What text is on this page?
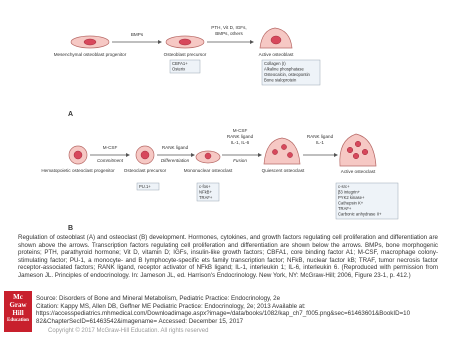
Mesenchymal osteoblast progenitor
BMPs
Osteoblast precursor
CBFA1+
Osterix
PTH, Vit D, IGFs,
BMPs, others
Active osteoblast
Collagen (I)
Alkaline phosphatase
Osteocalcin, osteopontin
Bone sialoprotein
A
Hematopoietic osteoclast progenitor
M-CSF
Commitment
Osteoclast precursor
PU.1+
RANK ligand
Differentiation
Mononuclear osteoclast
c-fos+
NFkB+
TRAF+
M-CSF
RANK ligand
IL-1, IL-6
Fusion
Quiescent osteoclast
RANK ligand
IL-1
Active osteoclast
c-src+
β3 integrin+
PYK2 kinase+
Cathepsin K+
TRAF+
Carbonic anhydrase II+
B
Regulation of osteoblast (A) and osteoclast (B) development. Hormones, cytokines, and growth factors regulating cell proliferation and differentiation are shown above the arrows. Transcription factors regulating cell proliferation and differentiation are shown below the arrows. BMPs, bone morphogenic proteins; PTH, parathyroid hormone; Vit D, vitamin D; IGFs, insulin-like growth factors; CBFA1, core binding factor A1; M-CSF, macrophage colony-stimulating factor; PU-1, a monocyte- and B lymphocyte-specific ets family transcription factor; NFkB, nuclear factor kB; TRAF, tumor necrosis factor receptor-associated factors; RANK ligand, receptor activator of NFkB ligand; IL-1, interleukin 1; IL-6, interleukin 6. (Reproduced with permission from Jameson JL. Principles of endocrinology. In: Jameson JL, ed. Harrison's Endocrinology. New York, NY: McGraw-Hill; 2006, Figure 23-1, p. 412.)
Mc
Graw
Hill
Education
Source: Disorders of Bone and Mineral Metabolism, Pediatric Practice: Endocrinology, 2e
Citation: Kappy MS, Allen DB, Geffner ME Pediatric Practice: Endocrinology, 2e; 2013 Available at:
https://accesspediatrics.mhmedical.com/Downloadimage.aspx?image=/data/books/1082/kap_ch7_f005.png&sec=61463601&BookID=10
82&ChapterSecID=61463542&imagename= Accessed: December 15, 2017
Copyright © 2017 McGraw-Hill Education. All rights reserved
